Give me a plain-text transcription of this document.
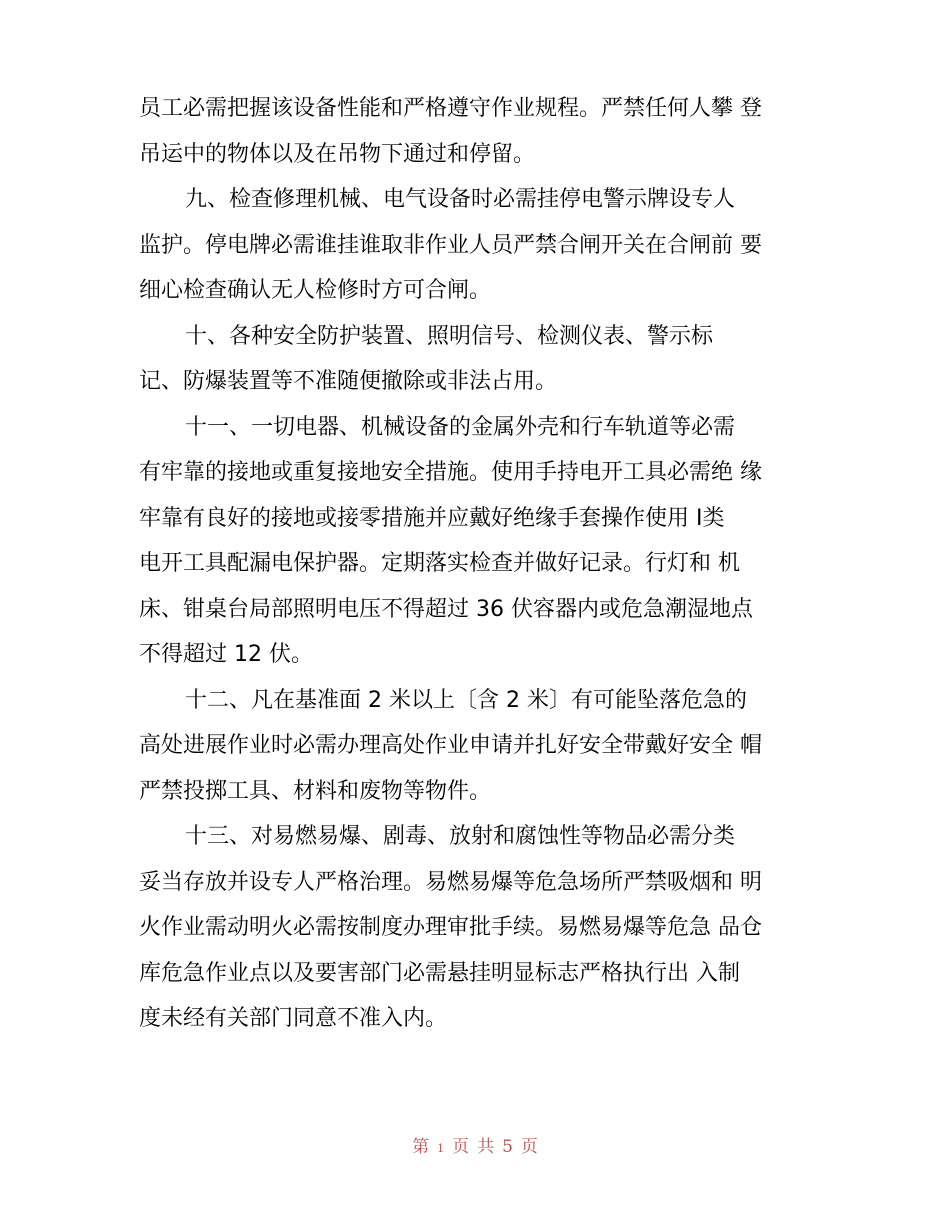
员工必需把握该设备性能和严格遵守作业规程。严禁任何人攀 登
吊运中的物体以及在吊物下通过和停留。
九、检查修理机械、电气设备时必需挂停电警示牌设专人
监护。停电牌必需谁挂谁取非作业人员严禁合闸开关在合闸前 要
细心检查确认无人检修时方可合闸。
十、各种安全防护装置、照明信号、检测仪表、警示标
记、防爆装置等不准随便撤除或非法占用。
十一、一切电器、机械设备的金属外壳和行车轨道等必需
有牢靠的接地或重复接地安全措施。使用手持电开工具必需绝 缘
牢靠有良好的接地或接零措施并应戴好绝缘手套操作使用 Ⅰ类
电开工具配漏电保护器。定期落实检查并做好记录。行灯和 机
床、钳桌台局部照明电压不得超过 36 伏容器内或危急潮湿地点
不得超过 12 伏。
十二、凡在基准面 2 米以上〔含 2 米〕有可能坠落危急的
高处进展作业时必需办理高处作业申请并扎好安全带戴好安全 帽
严禁投掷工具、材料和废物等物件。
十三、对易燃易爆、剧毒、放射和腐蚀性等物品必需分类
妥当存放并设专人严格治理。易燃易爆等危急场所严禁吸烟和 明
火作业需动明火必需按制度办理审批手续。易燃易爆等危急 品仓
库危急作业点以及要害部门必需悬挂明显标志严格执行出 入制
度未经有关部门同意不准入内。
第 1 页 共 5 页
